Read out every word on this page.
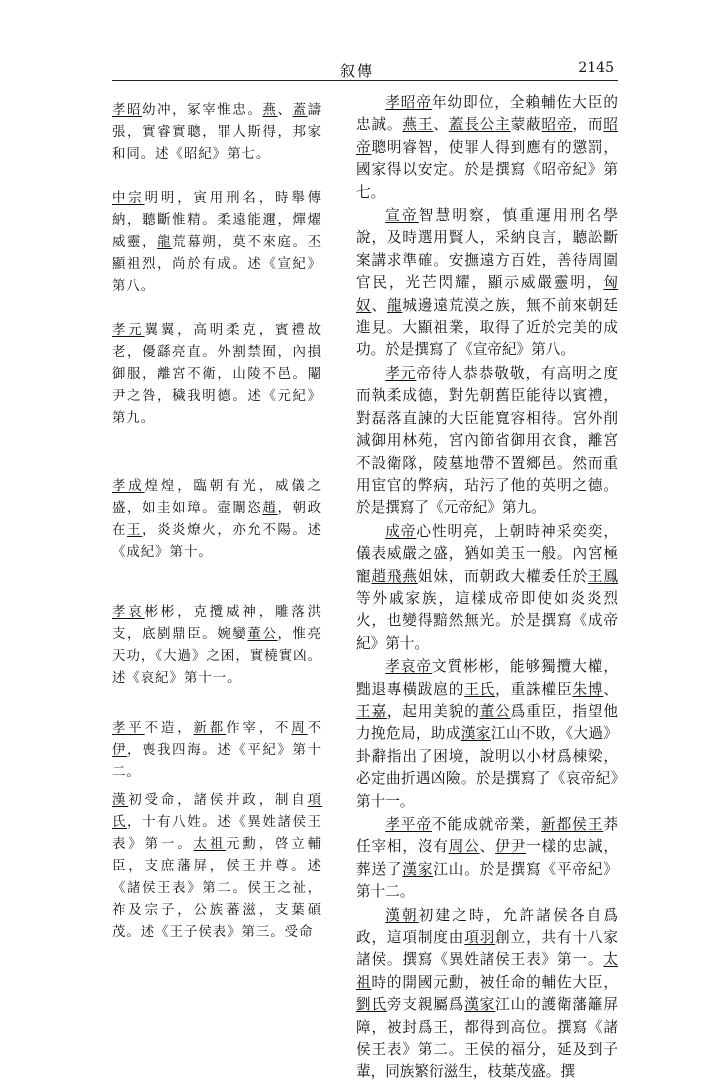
叙傳	2145

孝昭幼冲，冢宰惟忠。燕、蓋譸張，實睿實聰，罪人斯得，邦家和同。述《昭紀》第七。

中宗明明，寅用刑名，時舉傳納，聽斷惟精。柔遠能邇，燀燿威靈，龍荒幕朔，莫不來庭。丕顯祖烈，尚於有成。述《宣紀》第八。

孝元翼翼，高明柔克，賓禮故老，優繇亮直。外割禁囿，內損御服，離宮不衛，山陵不邑。閹尹之咎，穢我明德。述《元紀》第九。

孝成煌煌，臨朝有光，威儀之盛，如圭如璋。壼闈恣趙，朝政在王，炎炎燎火，亦允不陽。述《成紀》第十。

孝哀彬彬，克攬威神，雕落洪支，底剭鼎臣。婉孌董公，惟亮天功，《大過》之困，實橈實凶。述《哀紀》第十一。

孝平不造，新都作宰，不周不伊，喪我四海。述《平紀》第十二。

漢初受命，諸侯并政，制自項氏，十有八姓。述《異姓諸侯王表》第一。太祖元勳，啓立輔臣，支庶藩屏，侯王并尊。述《諸侯王表》第二。侯王之祉，祚及宗子，公族蕃滋，支葉碩茂。述《王子侯表》第三。受命

孝昭帝年幼即位，全賴輔佐大臣的忠誠。燕王、蓋長公主蒙蔽昭帝，而昭帝聰明睿智，使罪人得到應有的懲罰，國家得以安定。於是撰寫《昭帝紀》第七。

宣帝智慧明察，慎重運用刑名學說，及時選用賢人，采納良言，聽訟斷案講求準確。安撫遠方百姓，善待周圍官民，光芒閃耀，顯示威嚴靈明，匈奴、龍城邊遠荒漠之族，無不前來朝廷進見。大顯祖業，取得了近於完美的成功。於是撰寫了《宣帝紀》第八。

孝元帝待人恭恭敬敬，有高明之度而執柔成德，對先朝舊臣能待以賓禮，對磊落直諫的大臣能寬容相待。宮外削減御用林苑，宮內節省御用衣食，離宮不設衛隊，陵墓地帶不置鄉邑。然而重用宦官的弊病，玷污了他的英明之德。於是撰寫了《元帝紀》第九。

成帝心性明亮，上朝時神采奕奕，儀表威嚴之盛，猶如美玉一般。內宮極寵趙飛燕姐妹，而朝政大權委任於王鳳等外戚家族，這樣成帝即使如炎炎烈火，也變得黯然無光。於是撰寫《成帝紀》第十。

孝哀帝文質彬彬，能够獨攬大權，黜退專橫跋扈的王氏，重誅權臣朱博、王嘉，起用美貌的董公爲重臣，指望他力挽危局，助成漢家江山不敗，《大過》卦辭指出了困境，說明以小材爲棟梁，必定曲折遇凶險。於是撰寫了《哀帝紀》第十一。

孝平帝不能成就帝業，新都侯王莽任宰相，沒有周公、伊尹一樣的忠誠，葬送了漢家江山。於是撰寫《平帝紀》第十二。

漢朝初建之時，允許諸侯各自爲政，這項制度由項羽創立，共有十八家諸侯。撰寫《異姓諸侯王表》第一。太祖時的開國元勳，被任命的輔佐大臣，劉氏旁支親屬爲漢家江山的護衛藩籬屏障，被封爲王，都得到高位。撰寫《諸侯王表》第二。王侯的福分，延及到子輩，同族繁衍滋生，枝葉茂盛。撰
